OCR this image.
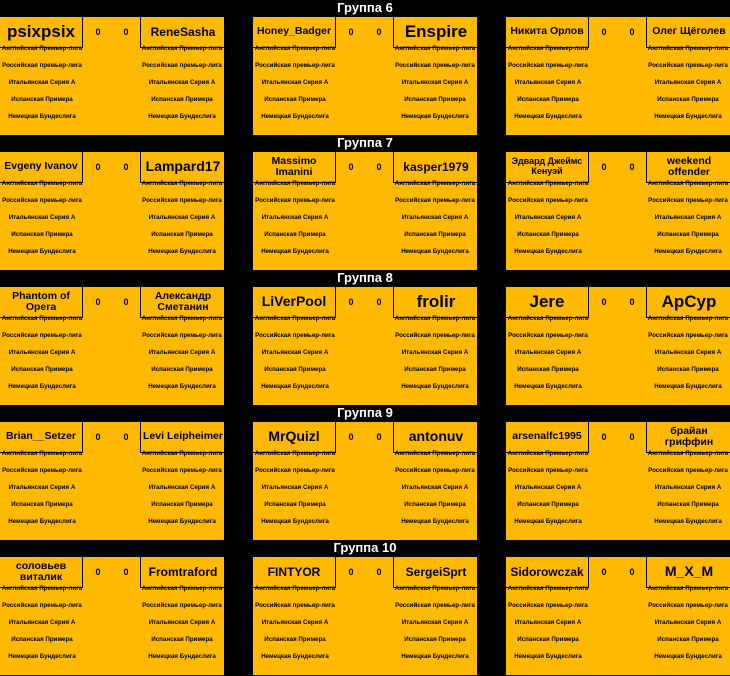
Группа 6
psixpsix	ReneSasha
0	0
Английская Премьер-лига	Английская Премьер-лига
Российская премьер-лига	Российская премьер-лига
Итальянская Серия А	Итальянская Серия А
Испанская Примера	Испанская Примера
Немецкая Бундеслига	Немецкая Бундеслига
Honey_Badger	Enspire
0	0
Английская Премьер-лига	Английская Премьер-лига
Российская премьер-лига	Российская премьер-лига
Итальянская Серия А	Итальянская Серия А
Испанская Примера	Испанская Примера
Немецкая Бундеслига	Немецкая Бундеслига
Никита Орлов	Олег Щёголев
0	0
Английская Премьер-лига	Английская Премьер-лига
Российская премьер-лига	Российская премьер-лига
Итальянская Серия А	Итальянская Серия А
Испанская Примера	Испанская Примера
Немецкая Бундеслига	Немецкая Бундеслига
Группа 7
Evgeny Ivanov	Lampard17
0	0
Английская Премьер-лига	Английская Премьер-лига
Российская премьер-лига	Российская премьер-лига
Итальянская Серия А	Итальянская Серия А
Испанская Примера	Испанская Примера
Немецкая Бундеслига	Немецкая Бундеслига
Massimo Imanini	kasper1979
0	0
Английская Премьер-лига	Английская Премьер-лига
Российская премьер-лига	Российская премьер-лига
Итальянская Серия А	Итальянская Серия А
Испанская Примера	Испанская Примера
Немецкая Бундеслига	Немецкая Бундеслига
Эдвард Джеймс Кенуэй
weekend offender
0	0
Английская Премьер-лига	Английская Премьер-лига
Российская премьер-лига	Российская премьер-лига
Итальянская Серия А	Итальянская Серия А
Испанская Примера	Испанская Примера
Немецкая Бундеслига	Немецкая Бундеслига
Группа 8
Phantom of Opera
Александр Сметанин
0	0
Английская Премьер-лига	Английская Премьер-лига
Российская премьер-лига	Российская премьер-лига
Итальянская Серия А	Итальянская Серия А
Испанская Примера	Испанская Примера
Немецкая Бундеслига	Немецкая Бундеслига
LiVerPool	frolir
0	0
Английская Премьер-лига	Английская Премьер-лига
Российская премьер-лига	Российская премьер-лига
Итальянская Серия А	Итальянская Серия А
Испанская Примера	Испанская Примера
Немецкая Бундеслига	Немецкая Бундеслига
Jere	ApCyp
0	0
Английская Премьер-лига	Английская Премьер-лига
Российская премьер-лига	Российская премьер-лига
Итальянская Серия А	Итальянская Серия А
Испанская Примера	Испанская Примера
Немецкая Бундеслига	Немецкая Бундеслига
Группа 9
Brian__Setzer	Levi Leipheimer
0	0
Английская Премьер-лига	Английская Премьер-лига
Российская премьер-лига	Российская премьер-лига
Итальянская Серия А	Итальянская Серия А
Испанская Примера	Испанская Примера
Немецкая Бундеслига	Немецкая Бундеслига
MrQuizl	antonuv
0	0
Английская Премьер-лига	Английская Премьер-лига
Российская премьер-лига	Российская премьер-лига
Итальянская Серия А	Итальянская Серия А
Испанская Примера	Испанская Примера
Немецкая Бундеслига	Немецкая Бундеслига
arsenalfc1995	брайан гриффин
0	0
Английская Премьер-лига	Английская Премьер-лига
Российская премьер-лига	Российская премьер-лига
Итальянская Серия А	Итальянская Серия А
Испанская Примера	Испанская Примера
Немецкая Бундеслига	Немецкая Бундеслига
Группа 10
соловьев виталик	Fromtraford
0	0
Английская Премьер-лига	Английская Премьер-лига
Российская премьер-лига	Российская премьер-лига
Итальянская Серия А	Итальянская Серия А
Испанская Примера	Испанская Примера
Немецкая Бундеслига	Немецкая Бундеслига
FINTYOR	SergeiSprt
0	0
Английская Премьер-лига	Английская Премьер-лига
Российская премьер-лига	Российская премьер-лига
Итальянская Серия А	Итальянская Серия А
Испанская Примера	Испанская Примера
Немецкая Бундеслига	Немецкая Бундеслига
Sidorowczak	M_X_M
0	0
Английская Премьер-лига	Английская Премьер-лига
Российская премьер-лига	Российская премьер-лига
Итальянская Серия А	Итальянская Серия А
Испанская Примера	Испанская Примера
Немецкая Бундеслига	Немецкая Бундеслига
